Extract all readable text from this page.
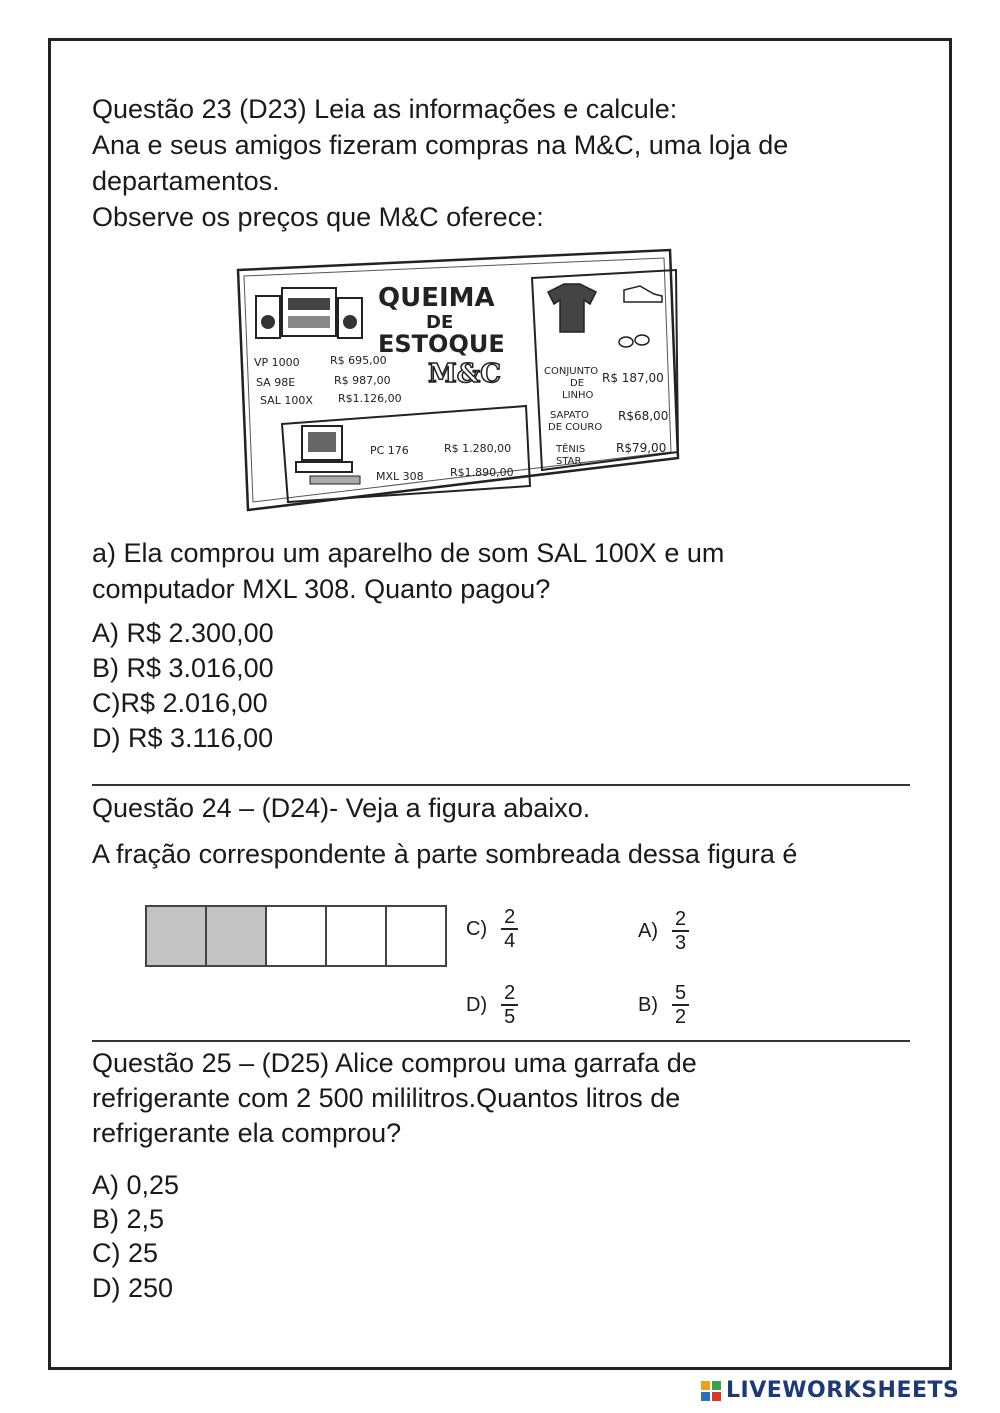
Questão 23 (D23) Leia as informações e calcule:
Ana e seus amigos fizeram compras na M&C, uma loja de
departamentos.
Observe os preços que M&C oferece:
QUEIMA
DE
ESTOQUE
M&C
VP 1000	R$ 695,00
SA 98E	R$ 987,00
SAL 100X R$1.126,00
PC 176	R$ 1.280,00
MXL 308 R$1.890,00
CONJUNTO
DE
LINHO
R$ 187,00
SAPATO
DE COURO
R$68,00
TÊNIS
STAR
R$79,00
a) Ela comprou um aparelho de som SAL 100X e um
computador MXL 308. Quanto pagou?
A) R$ 2.300,00
B) R$ 3.016,00
C)R$ 2.016,00
D) R$ 3.116,00
Questão 24 – (D24)- Veja a figura abaixo.
A fração correspondente à parte sombreada dessa figura é
$C) \frac{2}{4}$	$A) \frac{2}{3}$
$D) \frac{2}{5}$	$B) \frac{5}{2}$
Questão 25 – (D25) Alice comprou uma garrafa de
refrigerante com 2 500 mililitros.Quantos litros de
refrigerante ela comprou?
A) 0,25
B) 2,5
C) 25
D) 250
LIVEWORKSHEETS
